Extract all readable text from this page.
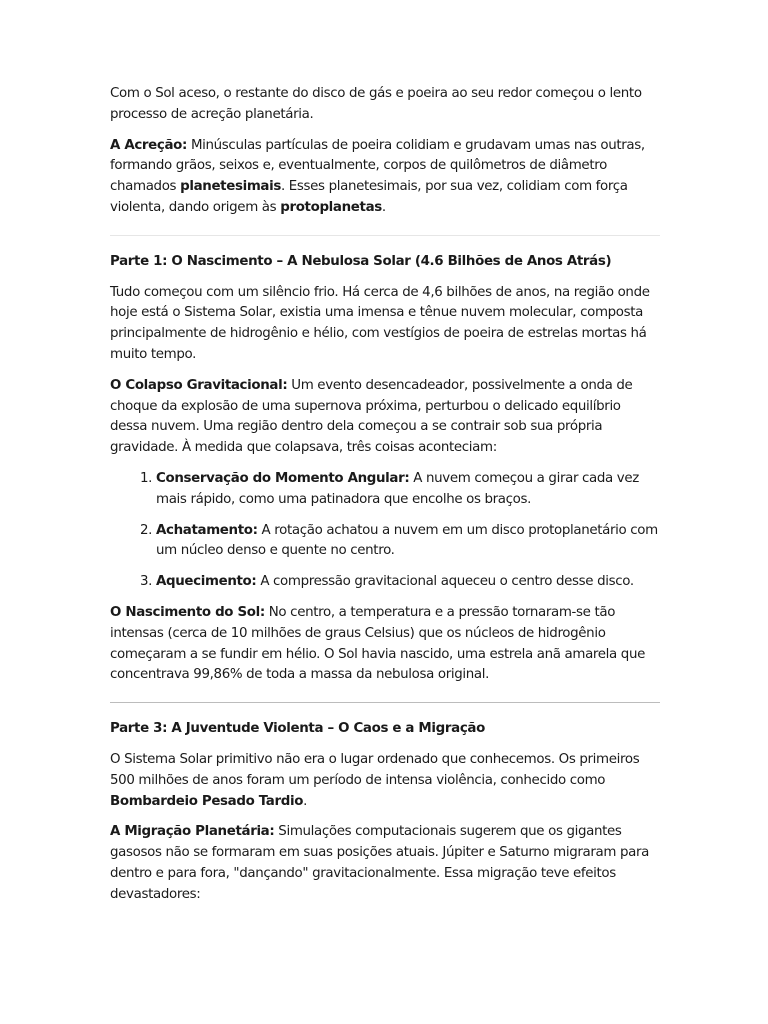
Com o Sol aceso, o restante do disco de gás e poeira ao seu redor começou o lento processo de acreção planetária.

A Acreção: Minúsculas partículas de poeira colidiam e grudavam umas nas outras, formando grãos, seixos e, eventualmente, corpos de quilômetros de diâmetro chamados planetesimais. Esses planetesimais, por sua vez, colidiam com força violenta, dando origem às protoplanetas.

Parte 1: O Nascimento – A Nebulosa Solar (4.6 Bilhões de Anos Atrás)

Tudo começou com um silêncio frio. Há cerca de 4,6 bilhões de anos, na região onde hoje está o Sistema Solar, existia uma imensa e tênue nuvem molecular, composta principalmente de hidrogênio e hélio, com vestígios de poeira de estrelas mortas há muito tempo.

O Colapso Gravitacional: Um evento desencadeador, possivelmente a onda de choque da explosão de uma supernova próxima, perturbou o delicado equilíbrio dessa nuvem. Uma região dentro dela começou a se contrair sob sua própria gravidade. À medida que colapsava, três coisas aconteciam:

1. Conservação do Momento Angular: A nuvem começou a girar cada vez mais rápido, como uma patinadora que encolhe os braços.
2. Achatamento: A rotação achatou a nuvem em um disco protoplanetário com um núcleo denso e quente no centro.
3. Aquecimento: A compressão gravitacional aqueceu o centro desse disco.

O Nascimento do Sol: No centro, a temperatura e a pressão tornaram-se tão intensas (cerca de 10 milhões de graus Celsius) que os núcleos de hidrogênio começaram a se fundir em hélio. O Sol havia nascido, uma estrela anã amarela que concentrava 99,86% de toda a massa da nebulosa original.

Parte 3: A Juventude Violenta – O Caos e a Migração

O Sistema Solar primitivo não era o lugar ordenado que conhecemos. Os primeiros 500 milhões de anos foram um período de intensa violência, conhecido como Bombardeio Pesado Tardio.

A Migração Planetária: Simulações computacionais sugerem que os gigantes gasosos não se formaram em suas posições atuais. Júpiter e Saturno migraram para dentro e para fora, "dançando" gravitacionalmente. Essa migração teve efeitos devastadores:
